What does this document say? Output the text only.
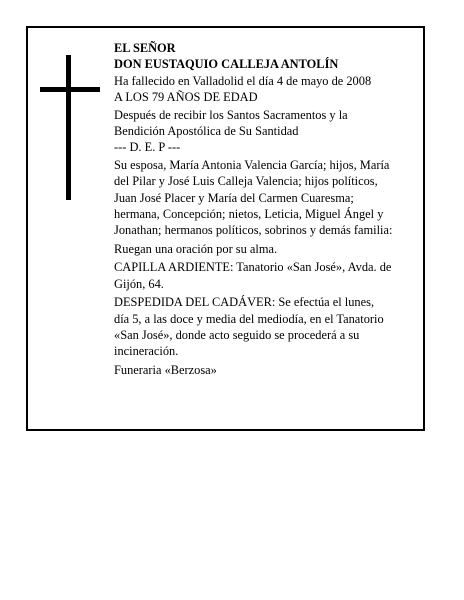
EL SEÑOR
DON EUSTAQUIO CALLEJA ANTOLÍN
Ha fallecido en Valladolid el día 4 de mayo de 2008
A LOS 79 AÑOS DE EDAD
Después de recibir los Santos Sacramentos y la
Bendición Apostólica de Su Santidad
--- D. E. P ---
Su esposa, María Antonia Valencia García; hijos, María
del Pilar y José Luis Calleja Valencia; hijos políticos,
Juan José Placer y María del Carmen Cuaresma;
hermana, Concepción; nietos, Leticia, Miguel Ángel y
Jonathan; hermanos políticos, sobrinos y demás familia:
Ruegan una oración por su alma.
CAPILLA ARDIENTE: Tanatorio «San José», Avda. de
Gijón, 64.
DESPEDIDA DEL CADÁVER: Se efectúa el lunes,
día 5, a las doce y media del mediodía, en el Tanatorio
«San José», donde acto seguido se procederá a su
incineración.
Funeraria «Berzosa»
